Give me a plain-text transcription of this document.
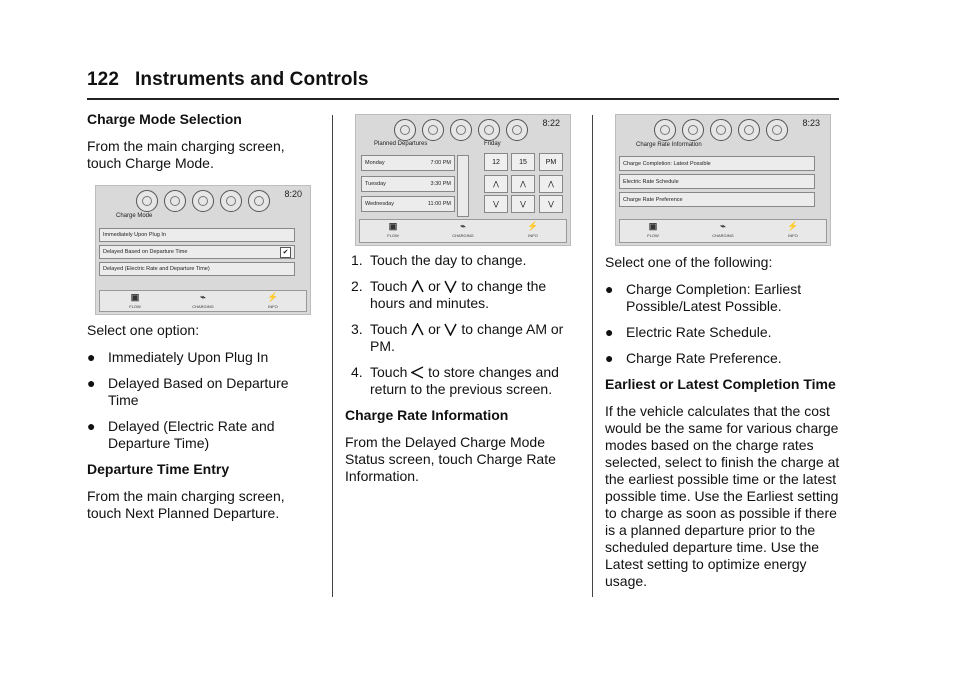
122 Instruments and Controls
Charge Mode Selection
From the main charging screen, touch Charge Mode.
Select one option:
● Immediately Upon Plug In
● Delayed Based on Departure Time
● Delayed (Electric Rate and Departure Time)
Departure Time Entry
From the main charging screen, touch Next Planned Departure.
8:20
Charge Mode
Immediately Upon Plug In
Delayed Based on Departure Time	✔
Delayed (Electric Rate and Departure Time)
▣
FLOW
⌁
CHARGING
⚡
INFO
8:22
Planned Departures	Friday
Monday	7:00 PM
Tuesday	3:30 PM
Wednesday	11:00 PM
12	15	PM
⋀	⋀	⋀
⋁	⋁	⋁
▣
FLOW
⌁
CHARGING
⚡
INFO
1. Touch the day to change.
2. Touch or to change the hours and minutes.
3. Touch or to change AM or PM.
4. Touch to store changes and return to the previous screen.
Charge Rate Information
From the Delayed Charge Mode Status screen, touch Charge Rate Information.
8:23
Charge Rate Information
Charge Completion: Latest Possible
Electric Rate Schedule
Charge Rate Preference
▣
FLOW
⌁
CHARGING
⚡
INFO
Select one of the following:
● Charge Completion: Earliest Possible/Latest Possible.
● Electric Rate Schedule.
● Charge Rate Preference.
Earliest or Latest Completion Time
If the vehicle calculates that the cost would be the same for various charge modes based on the charge rates selected, select to finish the charge at the earliest possible time or the latest possible time. Use the Earliest setting to charge as soon as possible if there is a planned departure prior to the scheduled departure time. Use the Latest setting to optimize energy usage.
